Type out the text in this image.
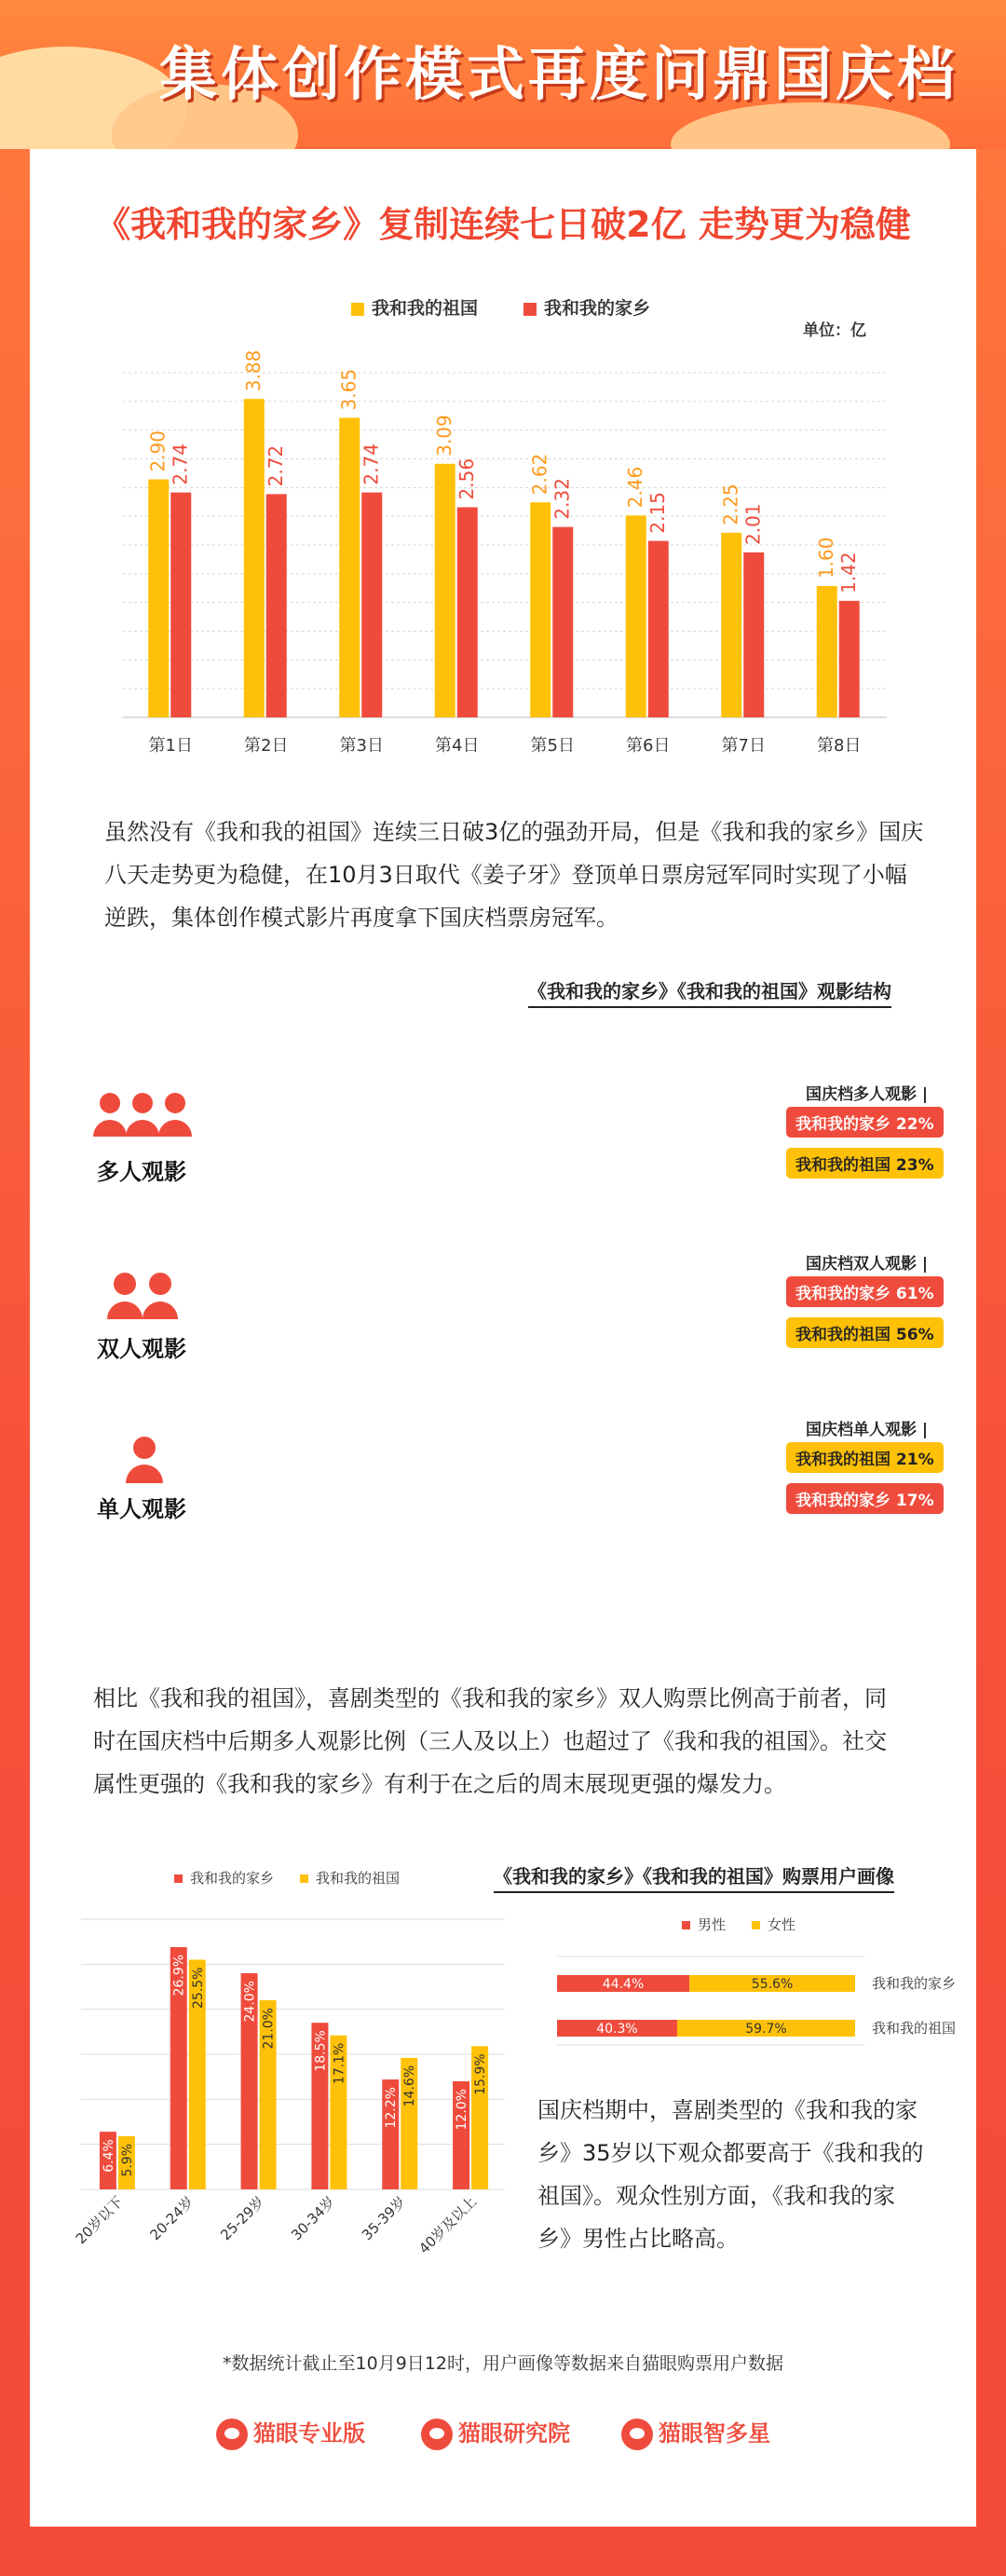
集体创作模式再度问鼎国庆档
《我和我的家乡》复制连续七日破2亿 走势更为稳健
我和我的祖国	我和我的家乡
单位：亿
2.90 2.74
第1日
3.88
2.72
第2日
3.65
2.74
第3日
3.09
2.56
第4日
2.62
2.32
第5日
2.46
2.15
第6日
2.25 2.01
第7日
1.60 1.42
第8日
虽然没有《我和我的祖国》连续三日破3亿的强劲开局，但是《我和我的家乡》国庆
八天走势更为稳健，在10月3日取代《姜子牙》登顶单日票房冠军同时实现了小幅
逆跌，集体创作模式影片再度拿下国庆档票房冠军。
《我和我的家乡》《我和我的祖国》观影结构
多人观影
双人观影
单人观影
国庆档多人观影 |
我和我的家乡 22%
我和我的祖国 23%
国庆档双人观影 |
我和我的家乡 61%
我和我的祖国 56%
国庆档单人观影 |
我和我的祖国 21%
我和我的家乡 17%
相比《我和我的祖国》，喜剧类型的《我和我的家乡》双人购票比例高于前者，同
时在国庆档中后期多人观影比例（三人及以上）也超过了《我和我的祖国》。社交
属性更强的《我和我的家乡》有利于在之后的周末展现更强的爆发力。
我和我的家乡	我和我的祖国	《我和我的家乡》《我和我的祖国》购票用户画像
6.4% 5.9%
20岁以下
26.9% 25.5%
20-24岁
24.0%
21.0%
25-29岁
18.5% 17.1%
30-34岁
12.2%
14.6%
35-39岁
12.0%
15.9%
40岁及以上
男性	女性
44.4%	55.6%	我和我的家乡
40.3%	59.7%	我和我的祖国
国庆档期中，喜剧类型的《我和我的家
乡》35岁以下观众都要高于《我和我的
祖国》。观众性别方面，《我和我的家
乡》男性占比略高。
*数据统计截止至10月9日12时，用户画像等数据来自猫眼购票用户数据
猫眼专业版	猫眼研究院	猫眼智多星
